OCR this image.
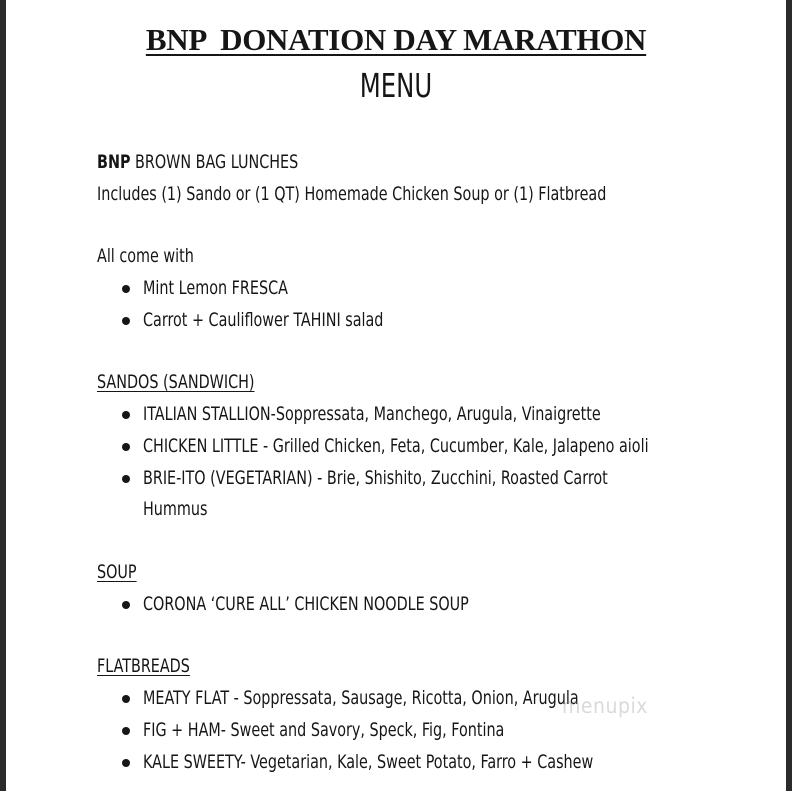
BNP  DONATION DAY MARATHON
MENU
BNP BROWN BAG LUNCHES
Includes (1) Sando or (1 QT) Homemade Chicken Soup or (1) Flatbread
All come with
Mint Lemon FRESCA
Carrot + Cauliflower TAHINI salad
SANDOS (SANDWICH)
ITALIAN STALLION-Soppressata, Manchego, Arugula, Vinaigrette
CHICKEN LITTLE - Grilled Chicken, Feta, Cucumber, Kale, Jalapeno aioli
BRIE-ITO (VEGETARIAN) - Brie, Shishito, Zucchini, Roasted Carrot
Hummus
SOUP
CORONA ‘CURE ALL’ CHICKEN NOODLE SOUP
FLATBREADS
MEATY FLAT - Soppressata, Sausage, Ricotta, Onion, Arugula
FIG + HAM- Sweet and Savory, Speck, Fig, Fontina
KALE SWEETY- Vegetarian, Kale, Sweet Potato, Farro + Cashew
menupix
